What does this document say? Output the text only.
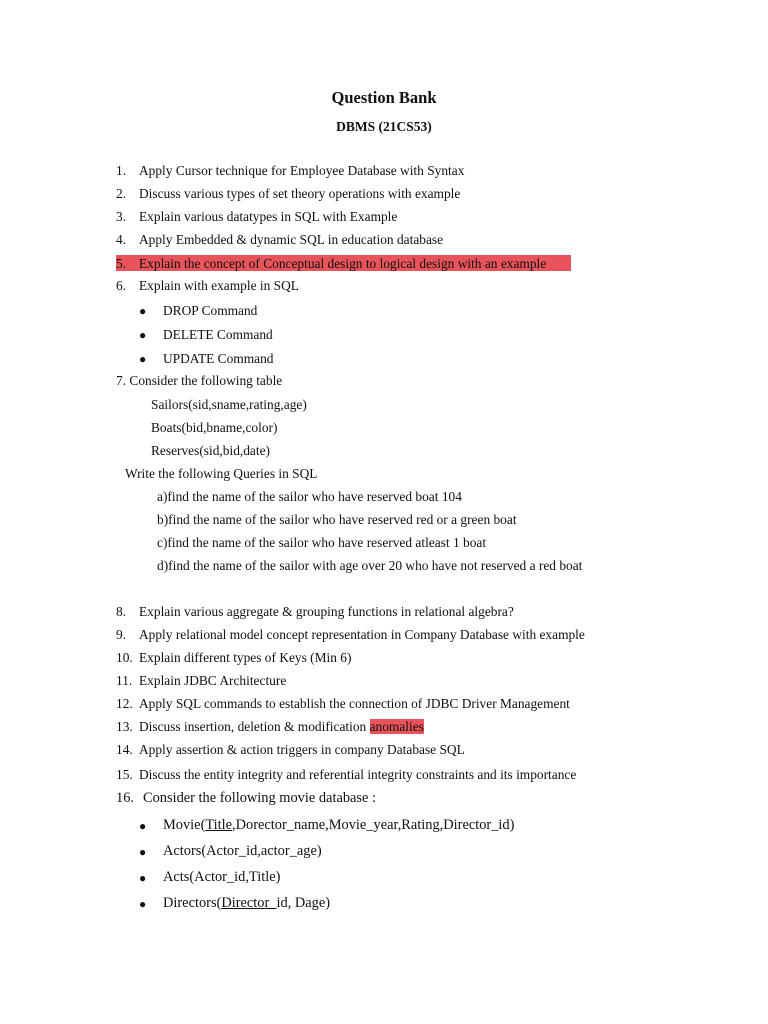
Question Bank
DBMS (21CS53)
1. Apply Cursor technique for Employee Database with Syntax
2. Discuss various types of set theory operations with example
3. Explain various datatypes in SQL with Example
4. Apply Embedded & dynamic SQL in education database
5. Explain the concept of Conceptual design to logical design with an example
6. Explain with example in SQL
● DROP Command
● DELETE Command
● UPDATE Command
7. Consider the following table
Sailors(sid,sname,rating,age)
Boats(bid,bname,color)
Reserves(sid,bid,date)
Write the following Queries in SQL
a)find the name of the sailor who have reserved boat 104
b)find the name of the sailor who have reserved red or a green boat
c)find the name of the sailor who have reserved atleast 1 boat
d)find the name of the sailor with age over 20 who have not reserved a red boat
8. Explain various aggregate & grouping functions in relational algebra?
9. Apply relational model concept representation in Company Database with example
10. Explain different types of Keys (Min 6)
11. Explain JDBC Architecture
12. Apply SQL commands to establish the connection of JDBC Driver Management
13. Discuss insertion, deletion & modification anomalies
14. Apply assertion & action triggers in company Database SQL
15. Discuss the entity integrity and referential integrity constraints and its importance
16. Consider the following movie database :
● Movie(Title,Dorector_name,Movie_year,Rating,Director_id)
● Actors(Actor_id,actor_age)
● Acts(Actor_id,Title)
● Directors(Director_id, Dage)
